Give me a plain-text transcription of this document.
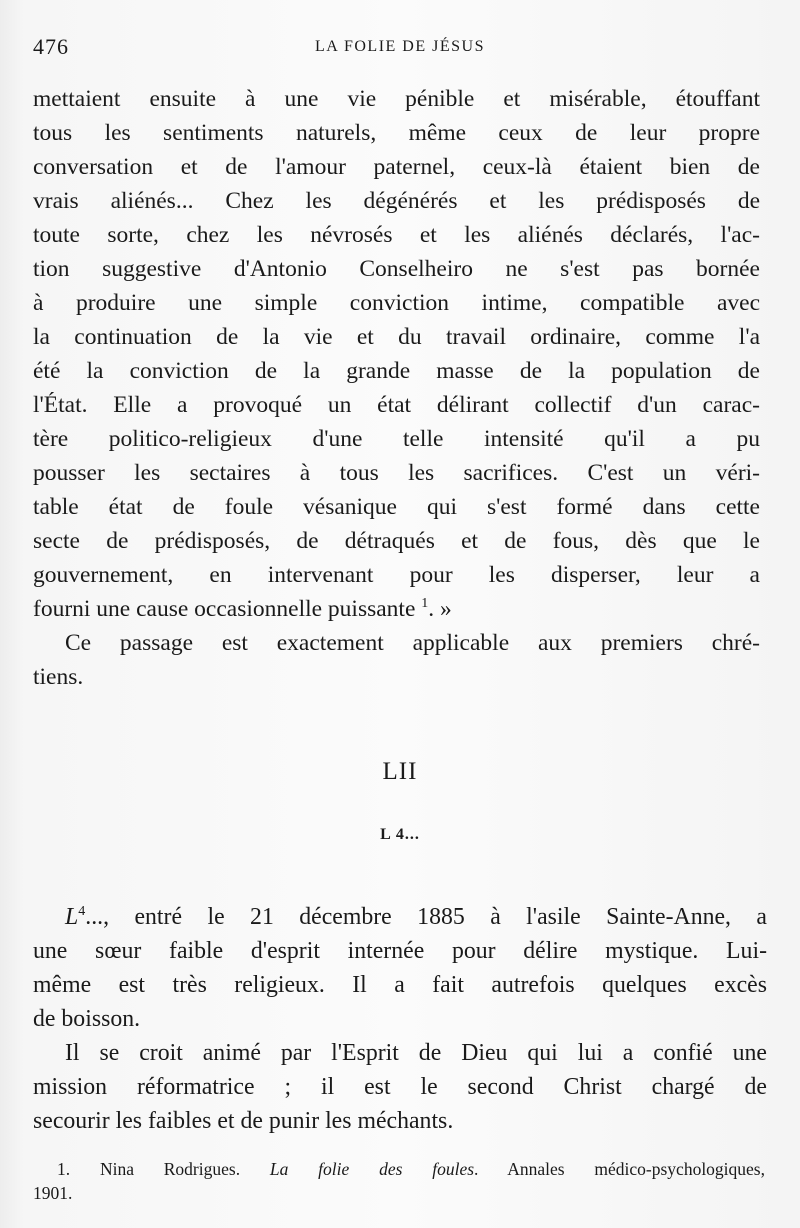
476	LA FOLIE DE JÉSUS
mettaient ensuite à une vie pénible et misérable, étouffant
tous les sentiments naturels, même ceux de leur propre
conversation et de l'amour paternel, ceux-là étaient bien de
vrais aliénés... Chez les dégénérés et les prédisposés de
toute sorte, chez les névrosés et les aliénés déclarés, l'ac-
tion suggestive d'Antonio Conselheiro ne s'est pas bornée
à produire une simple conviction intime, compatible avec
la continuation de la vie et du travail ordinaire, comme l'a
été la conviction de la grande masse de la population de
l'État. Elle a provoqué un état délirant collectif d'un carac-
tère politico-religieux d'une telle intensité qu'il a pu
pousser les sectaires à tous les sacrifices. C'est un véri-
table état de foule vésanique qui s'est formé dans cette
secte de prédisposés, de détraqués et de fous, dès que le
gouvernement, en intervenant pour les disperser, leur a
fourni une cause occasionnelle puissante $^1$. »
Ce passage est exactement applicable aux premiers chré-
tiens.
LII
L 4...
L$^4$..., entré le 21 décembre 1885 à l'asile Sainte-Anne, a
une sœur faible d'esprit internée pour délire mystique. Lui-
même est très religieux. Il a fait autrefois quelques excès
de boisson.
Il se croit animé par l'Esprit de Dieu qui lui a confié une
mission réformatrice ; il est le second Christ chargé de
secourir les faibles et de punir les méchants.
1. Nina Rodrigues. La folie des foules. Annales médico-psychologiques,
1901.
